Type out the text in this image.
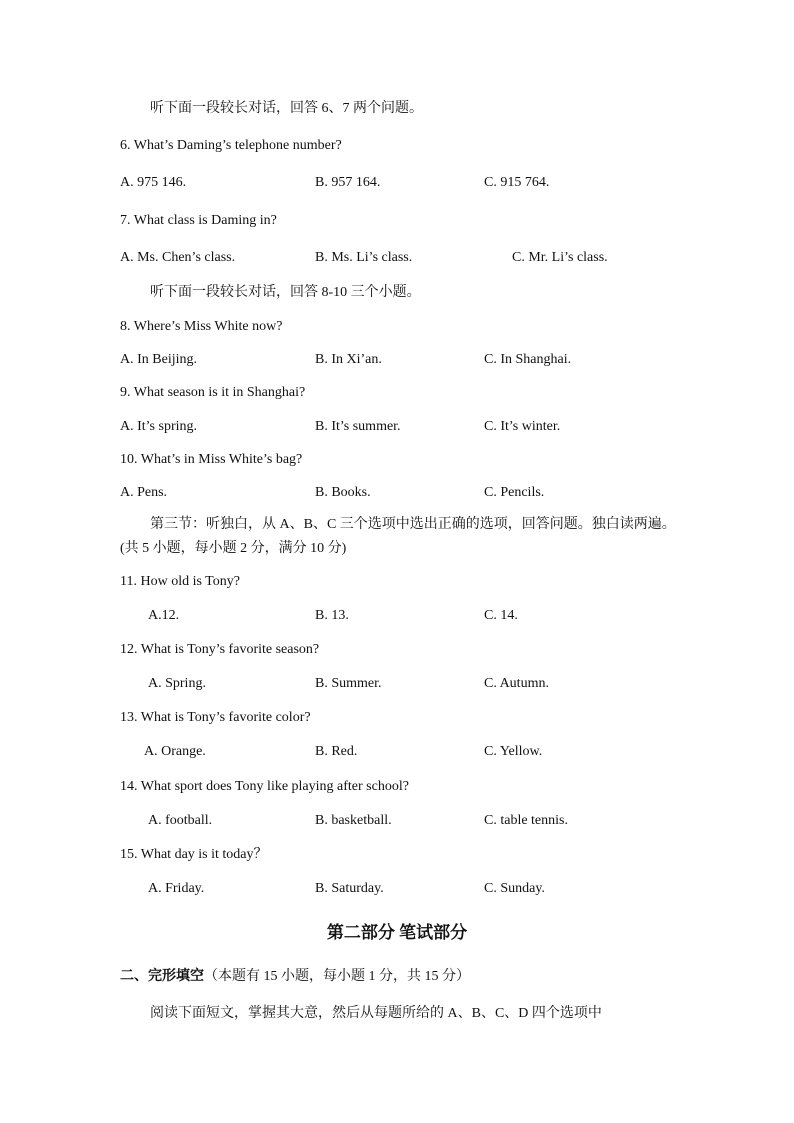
听下面一段较长对话，回答 6、7 两个问题。
6. What’s Daming’s telephone number?
A. 975 146.	B. 957 164.	C. 915 764.
7. What class is Daming in?
A. Ms. Chen’s class.	B. Ms. Li’s class.	C. Mr. Li’s class.
听下面一段较长对话，回答 8-10 三个小题。
8. Where’s Miss White now?
A. In Beijing.	B. In Xi’an.	C. In Shanghai.
9. What season is it in Shanghai?
A. It’s spring.	B. It’s summer.	C. It’s winter.
10. What’s in Miss White’s bag?
A. Pens.	B. Books.	C. Pencils.
第三节：听独白，从 A、B、C 三个选项中选出正确的选项，回答问题。独白读两遍。(共 5 小题，每小题 2 分，满分 10 分)
11. How old is Tony?
A.12.	B. 13.	C. 14.
12. What is Tony’s favorite season?
A. Spring.	B. Summer.	C. Autumn.
13. What is Tony’s favorite color?
A. Orange.	B. Red.	C. Yellow.
14. What sport does Tony like playing after school?
A. football.	B. basketball.	C. table tennis.
15. What day is it today？
A. Friday.	B. Saturday.	C. Sunday.
第二部分 笔试部分
二、完形填空（本题有 15 小题，每小题 1 分，共 15 分）
阅读下面短文，掌握其大意，然后从每题所给的 A、B、C、D 四个选项中
